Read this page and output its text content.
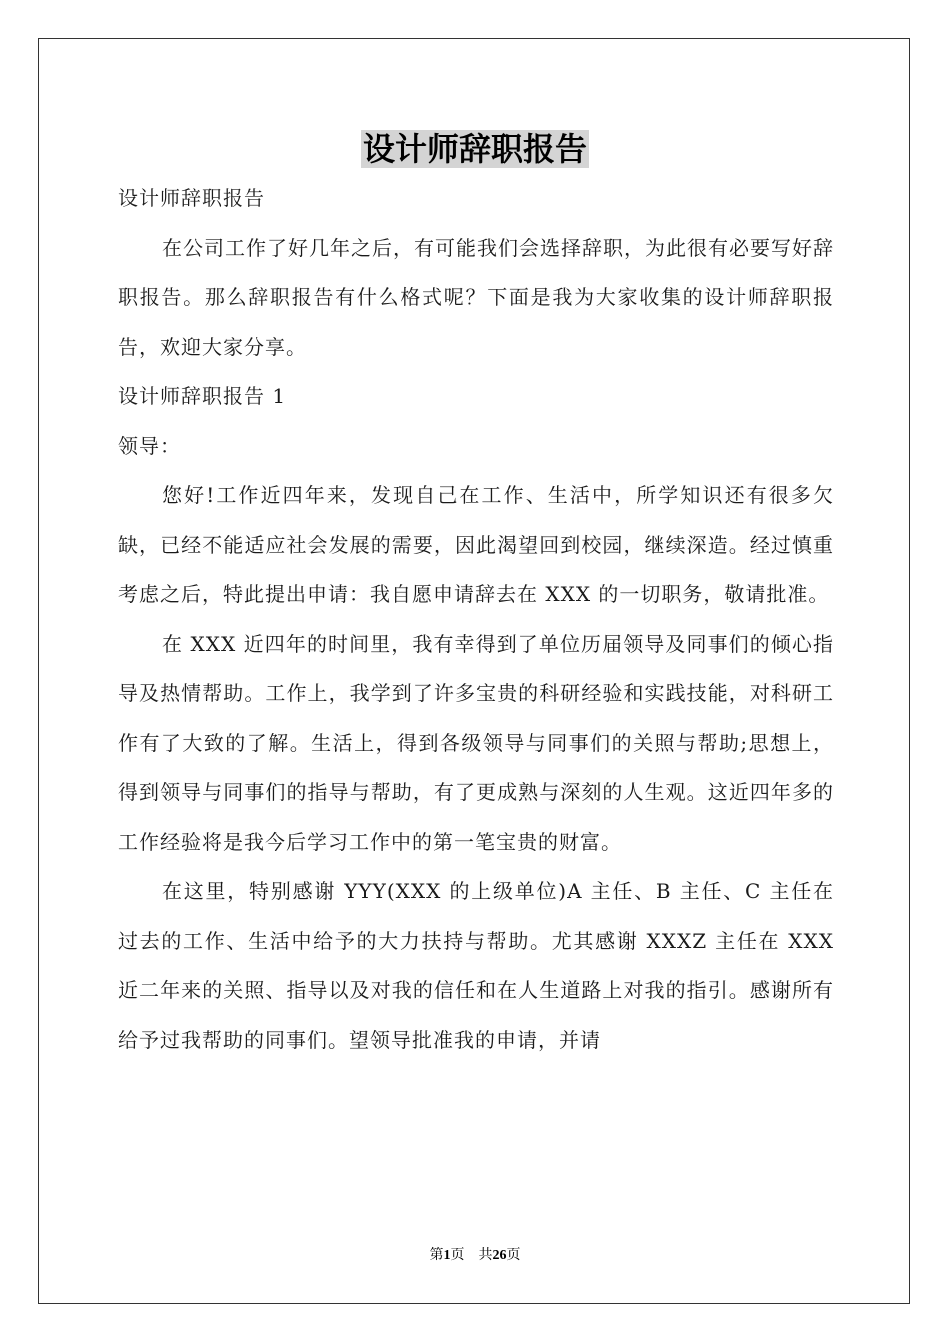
设计师辞职报告

设计师辞职报告

在公司工作了好几年之后，有可能我们会选择辞职，为此很有必要写好辞职报告。那么辞职报告有什么格式呢？下面是我为大家收集的设计师辞职报告，欢迎大家分享。

设计师辞职报告 1

领导：

您好!工作近四年来，发现自己在工作、生活中，所学知识还有很多欠缺，已经不能适应社会发展的需要，因此渴望回到校园，继续深造。经过慎重考虑之后，特此提出申请：我自愿申请辞去在 XXX 的一切职务，敬请批准。

在 XXX 近四年的时间里，我有幸得到了单位历届领导及同事们的倾心指导及热情帮助。工作上，我学到了许多宝贵的科研经验和实践技能，对科研工作有了大致的了解。生活上，得到各级领导与同事们的关照与帮助;思想上，得到领导与同事们的指导与帮助，有了更成熟与深刻的人生观。这近四年多的工作经验将是我今后学习工作中的第一笔宝贵的财富。

在这里，特别感谢 YYY(XXX 的上级单位)A 主任、B 主任、C 主任在过去的工作、生活中给予的大力扶持与帮助。尤其感谢 XXXZ 主任在 XXX 近二年来的关照、指导以及对我的信任和在人生道路上对我的指引。感谢所有给予过我帮助的同事们。望领导批准我的申请，并请

第1页 共26页
